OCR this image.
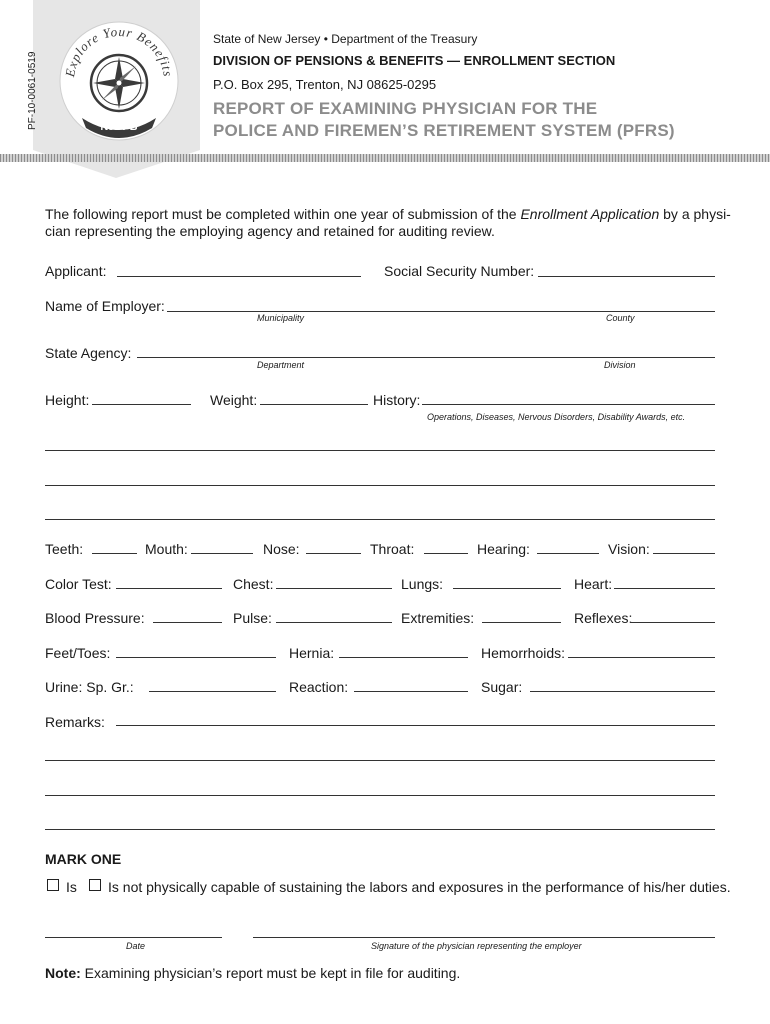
PF-10-0061-0519 Explore Your Benefits
NJDPB
State of New Jersey • Department of the Treasury
DIVISION OF PENSIONS & BENEFITS — ENROLLMENT SECTION
P.O. Box 295, Trenton, NJ 08625-0295
REPORT OF EXAMINING PHYSICIAN FOR THE
POLICE AND FIREMEN’S RETIREMENT SYSTEM (PFRS)
The following report must be completed within one year of submission of the Enrollment Application by a physi-
cian representing the employing agency and retained for auditing review.
Applicant:	Social Security Number:
Name of Employer:
Municipality	County
State Agency:
Department	Division
Height:	Weight:	History:
Operations, Diseases, Nervous Disorders, Disability Awards, etc.
Teeth:	Mouth:	Nose:	Throat:	Hearing:	Vision:
Color Test:	Chest:	Lungs:	Heart:
Blood Pressure:	Pulse:	Extremities:	Reflexes:
Feet/Toes:	Hernia:	Hemorrhoids:
Urine: Sp. Gr.:	Reaction:	Sugar:
Remarks:
MARK ONE
Is Is not physically capable of sustaining the labors and exposures in the performance of his/her duties.
Date	Signature of the physician representing the employer
Note: Examining physician’s report must be kept in file for auditing.
